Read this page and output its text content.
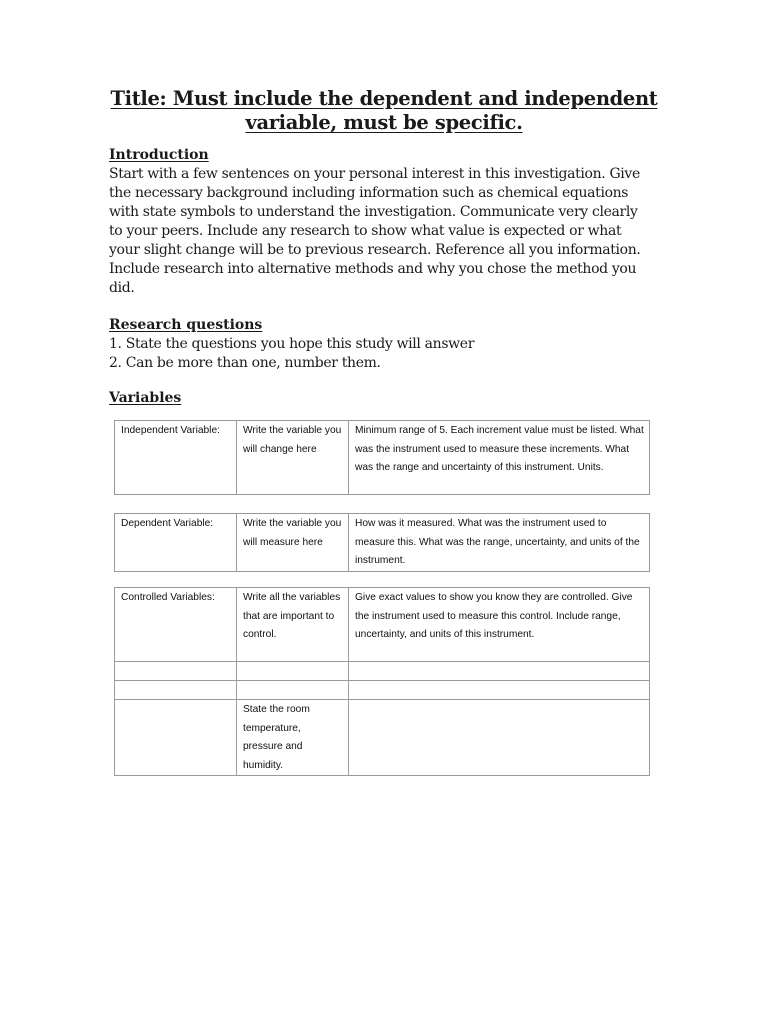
Title: Must include the dependent and independent
variable, must be specific.
Introduction
Start with a few sentences on your personal interest in this investigation. Give
the necessary background including information such as chemical equations
with state symbols to understand the investigation. Communicate very clearly
to your peers. Include any research to show what value is expected or what
your slight change will be to previous research. Reference all you information.
Include research into alternative methods and why you chose the method you
did.
Research questions
1. State the questions you hope this study will answer
2. Can be more than one, number them.
Variables
Independent Variable:	Write the variable you will change here	Minimum range of 5. Each increment value must be listed. What was the instrument used to measure these increments. What was the range and uncertainty of this instrument. Units.
Dependent Variable:	Write the variable you will measure here	How was it measured. What was the instrument used to measure this. What was the range, uncertainty, and units of the instrument.
Controlled Variables:	Write all the variables that are important to control.	Give exact values to show you know they are controlled. Give the instrument used to measure this control. Include range, uncertainty, and units of this instrument.

	State the room temperature, pressure and humidity.	
